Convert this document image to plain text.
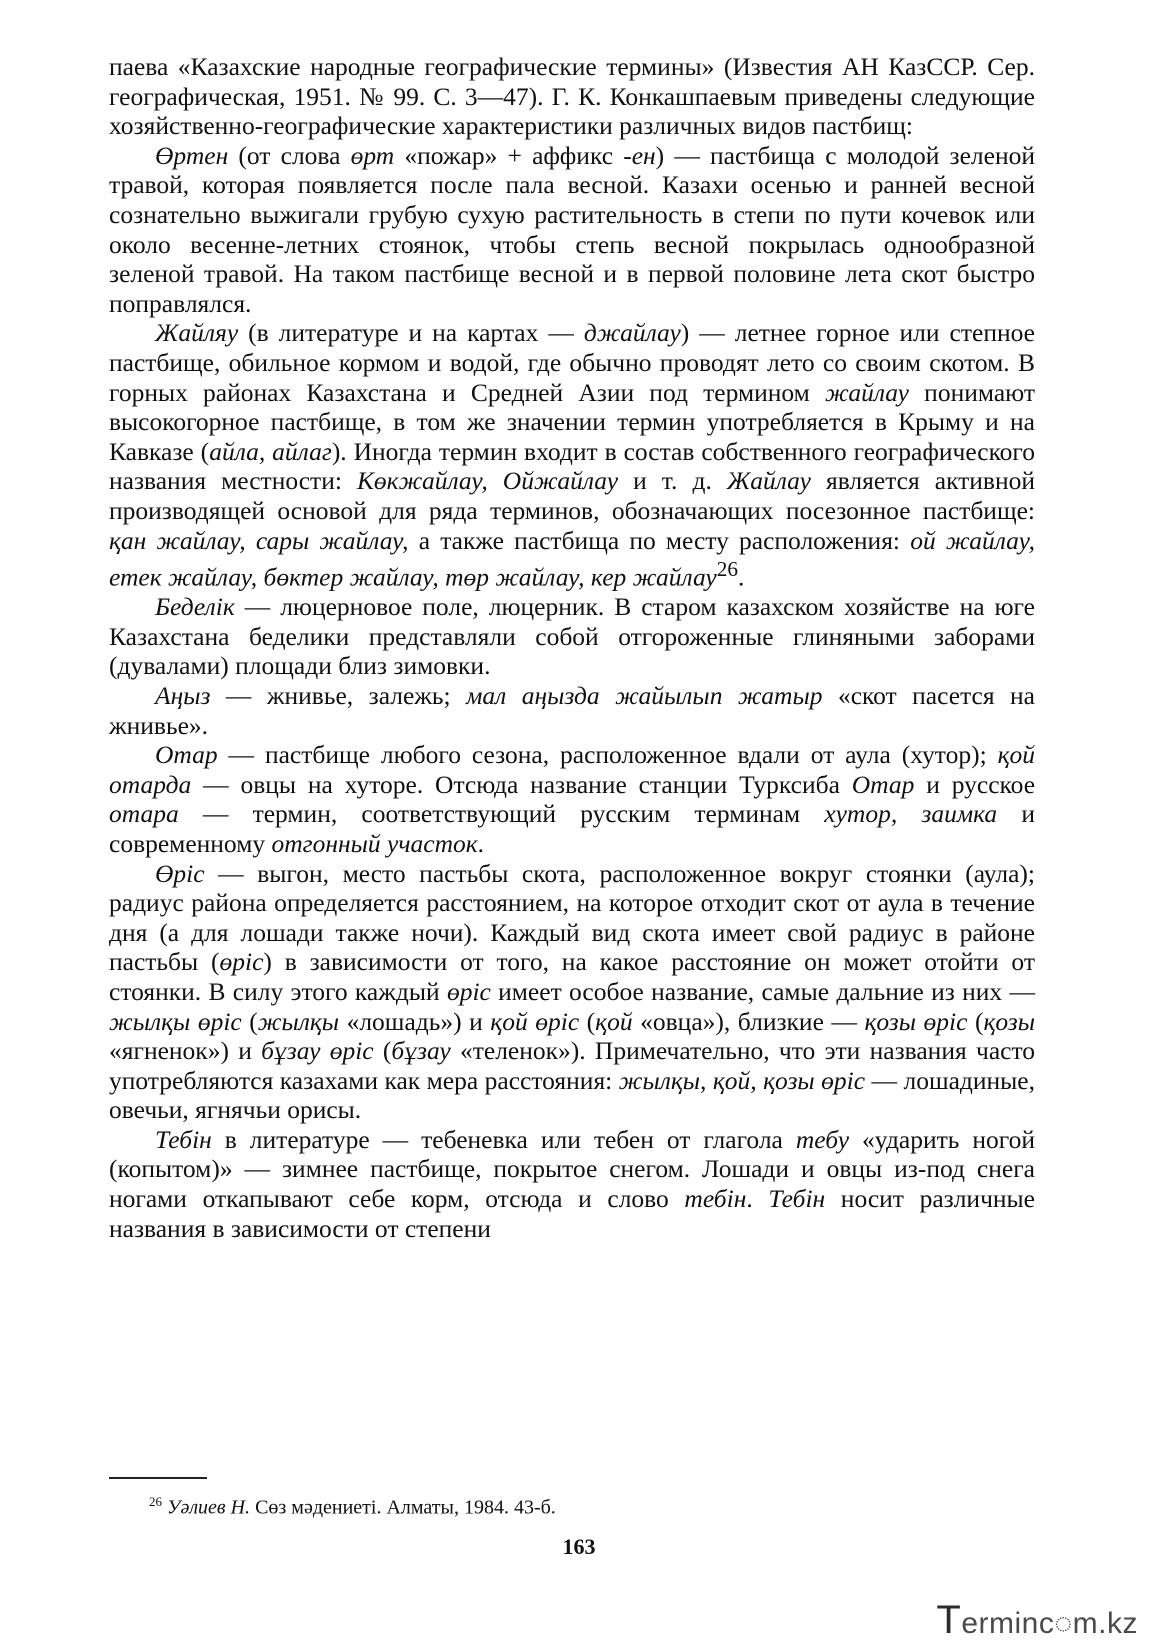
паева «Казахские народные географические термины» (Известия АН КазССР. Сер. географическая, 1951. № 99. С. 3—47). Г. К. Конкашпаевым приведены следующие хозяйственно-географические характеристики различных видов пастбищ:

Өртен (от слова өрт «пожар» + аффикс -ен) — пастбища с молодой зеленой травой, которая появляется после пала весной. Казахи осенью и ранней весной сознательно выжигали грубую сухую растительность в степи по пути кочевок или около весенне-летних стоянок, чтобы степь весной покрылась однообразной зеленой травой. На таком пастбище весной и в первой половине лета скот быстро поправлялся.

Жайляу (в литературе и на картах — джайлау) — летнее горное или степное пастбище, обильное кормом и водой, где обычно проводят лето со своим скотом. В горных районах Казахстана и Средней Азии под термином жайлау понимают высокогорное пастбище, в том же значении термин употребляется в Крыму и на Кавказе (айла, айлаг). Иногда термин входит в состав собственного географического названия местности: Көкжайлау, Ойжайлау и т. д. Жайлау является активной производящей основой для ряда терминов, обозначающих посезонное пастбище: қан жайлау, сары жайлау, а также пастбища по месту расположения: ой жайлау, етек жайлау, бөктер жайлау, төр жайлау, кер жайлау$^{26}$.

Беделік — люцерновое поле, люцерник. В старом казахском хозяйстве на юге Казахстана беделики представляли собой отгороженные глиняными заборами (дувалами) площади близ зимовки.

Аңыз — жнивье, залежь; мал аңызда жайылып жатыр «скот пасется на жнивье».

Отар — пастбище любого сезона, расположенное вдали от аула (хутор); қой отарда — овцы на хуторе. Отсюда название станции Турксиба Отар и русское отара — термин, соответствующий русским терминам хутор, заимка и современному отгонный участок.

Өріс — выгон, место пастьбы скота, расположенное вокруг стоянки (аула); радиус района определяется расстоянием, на которое отходит скот от аула в течение дня (а для лошади также ночи). Каждый вид скота имеет свой радиус в районе пастьбы (өріс) в зависимости от того, на какое расстояние он может отойти от стоянки. В силу этого каждый өріс имеет особое название, самые дальние из них — жылқы өріс (жылқы «лошадь») и қой өріс (қой «овца»), близкие — қозы өріс (қозы «ягненок») и бұзау өріс (бұзау «теленок»). Примечательно, что эти названия часто употребляются казахами как мера расстояния: жылқы, қой, қозы өріс — лошадиные, овечьи, ягнячьи орисы.

Тебін в литературе — тебеневка или тебен от глагола тебу «ударить ногой (копытом)» — зимнее пастбище, покрытое снегом. Лошади и овцы из-под снега ногами откапывают себе корм, отсюда и слово тебін. Тебін носит различные названия в зависимости от степени

$^{26}$ Уәлиев Н. Сөз мәдениетi. Алматы, 1984. 43-б.
163
Terminc◌m.kz
